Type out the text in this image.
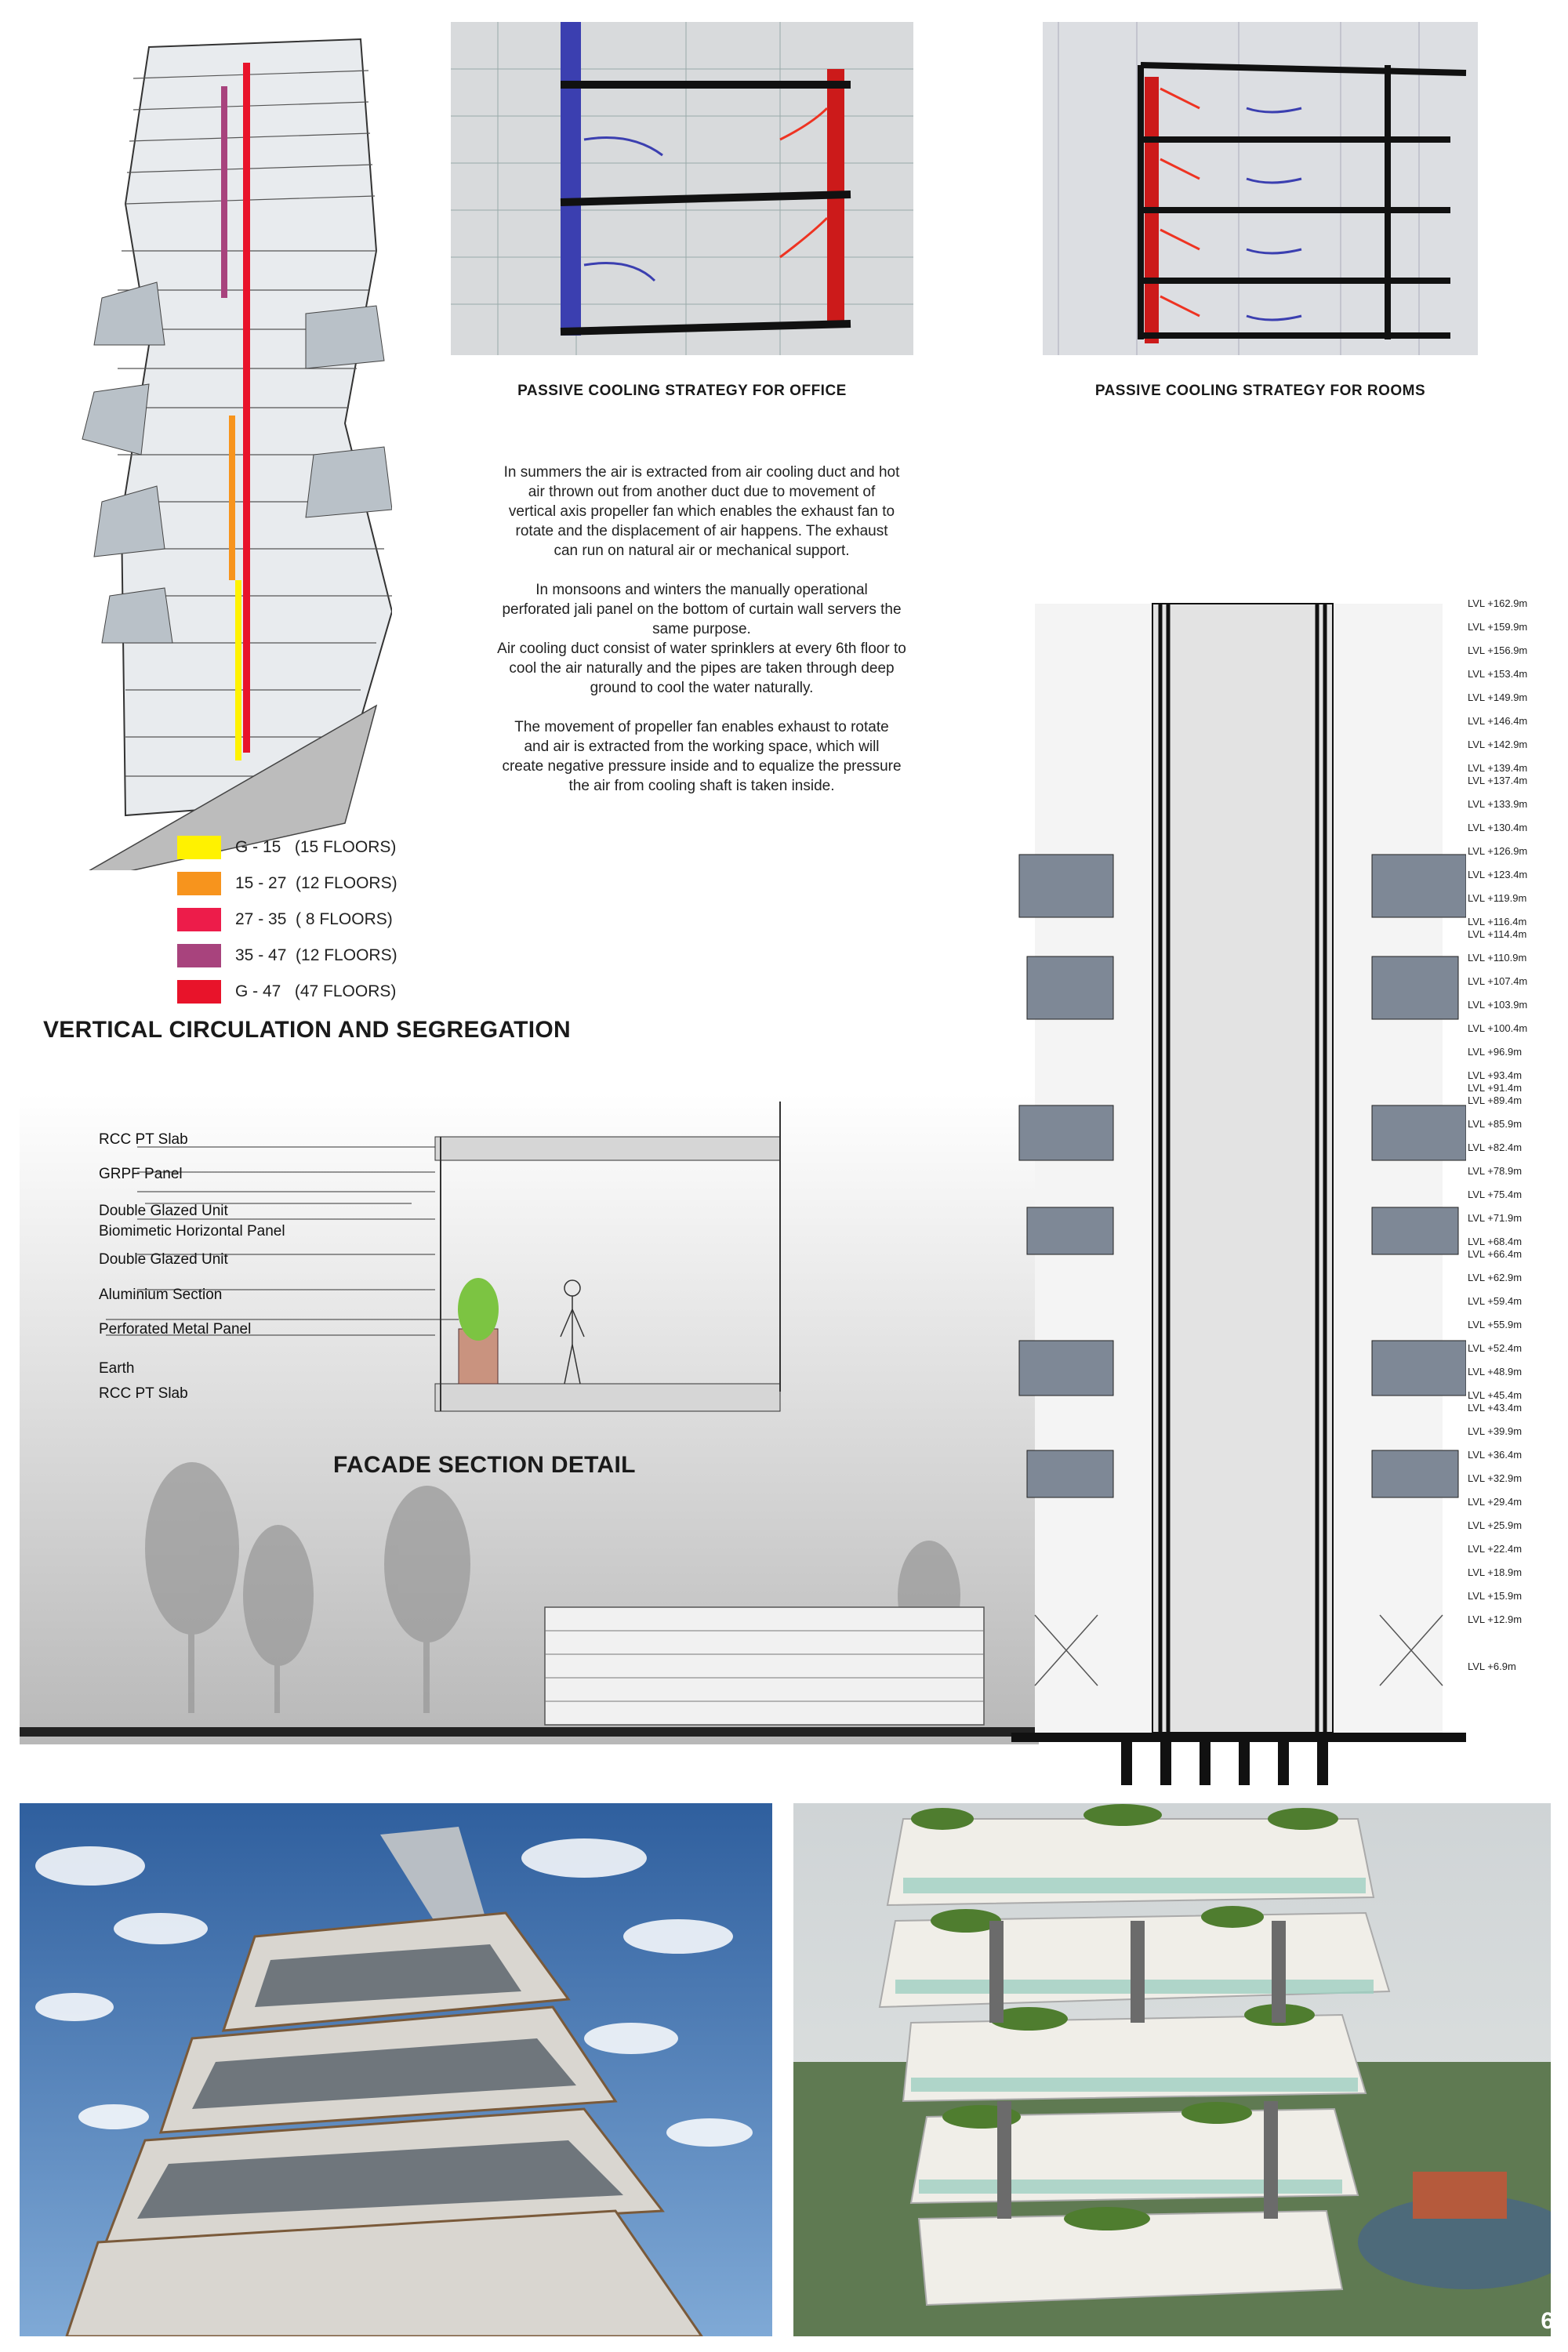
PASSIVE COOLING STRATEGY FOR OFFICE	PASSIVE COOLING STRATEGY FOR ROOMS
In summers the air is extracted from air cooling duct and hot
air thrown out from another duct due to movement of
vertical axis propeller fan which enables the exhaust fan to
rotate and the displacement of air happens. The exhaust
can run on natural air or mechanical support.
In monsoons and winters the manually operational
perforated jali panel on the bottom of curtain wall servers the
same purpose.
Air cooling duct consist of water sprinklers at every 6th floor to
cool the air naturally and the pipes are taken through deep
ground to cool the water naturally.
The movement of propeller fan enables exhaust to rotate
and air is extracted from the working space, which will
create negative pressure inside and to equalize the pressure
the air from cooling shaft is taken inside.
G - 15   (15 FLOORS)
15 - 27  (12 FLOORS)
27 - 35  ( 8 FLOORS)
35 - 47  (12 FLOORS)
G - 47   (47 FLOORS)
VERTICAL CIRCULATION AND SEGREGATION
RCC PT Slab
GRPF Panel
Double Glazed Unit
Biomimetic Horizontal Panel
Double Glazed Unit
Aluminium Section
Perforated Metal Panel
Earth
RCC PT Slab
FACADE SECTION DETAIL
LVL +162.9m
LVL +159.9m
LVL +156.9m
LVL +153.4m
LVL +149.9m
LVL +146.4m
LVL +142.9m
LVL +139.4m
LVL +137.4m
LVL +133.9m
LVL +130.4m
LVL +126.9m
LVL +123.4m
LVL +119.9m
LVL +116.4m
LVL +114.4m
LVL +110.9m
LVL +107.4m
LVL +103.9m
LVL +100.4m
LVL +96.9m
LVL +93.4m
LVL +91.4m
LVL +89.4m
LVL +85.9m
LVL +82.4m
LVL +78.9m
LVL +75.4m
LVL +71.9m
LVL +68.4m
LVL +66.4m
LVL +62.9m
LVL +59.4m
LVL +55.9m
LVL +52.4m
LVL +48.9m
LVL +45.4m
LVL +43.4m
LVL +39.9m
LVL +36.4m
LVL +32.9m
LVL +29.4m
LVL +25.9m
LVL +22.4m
LVL +18.9m
LVL +15.9m
LVL +12.9m
LVL +6.9m
6
